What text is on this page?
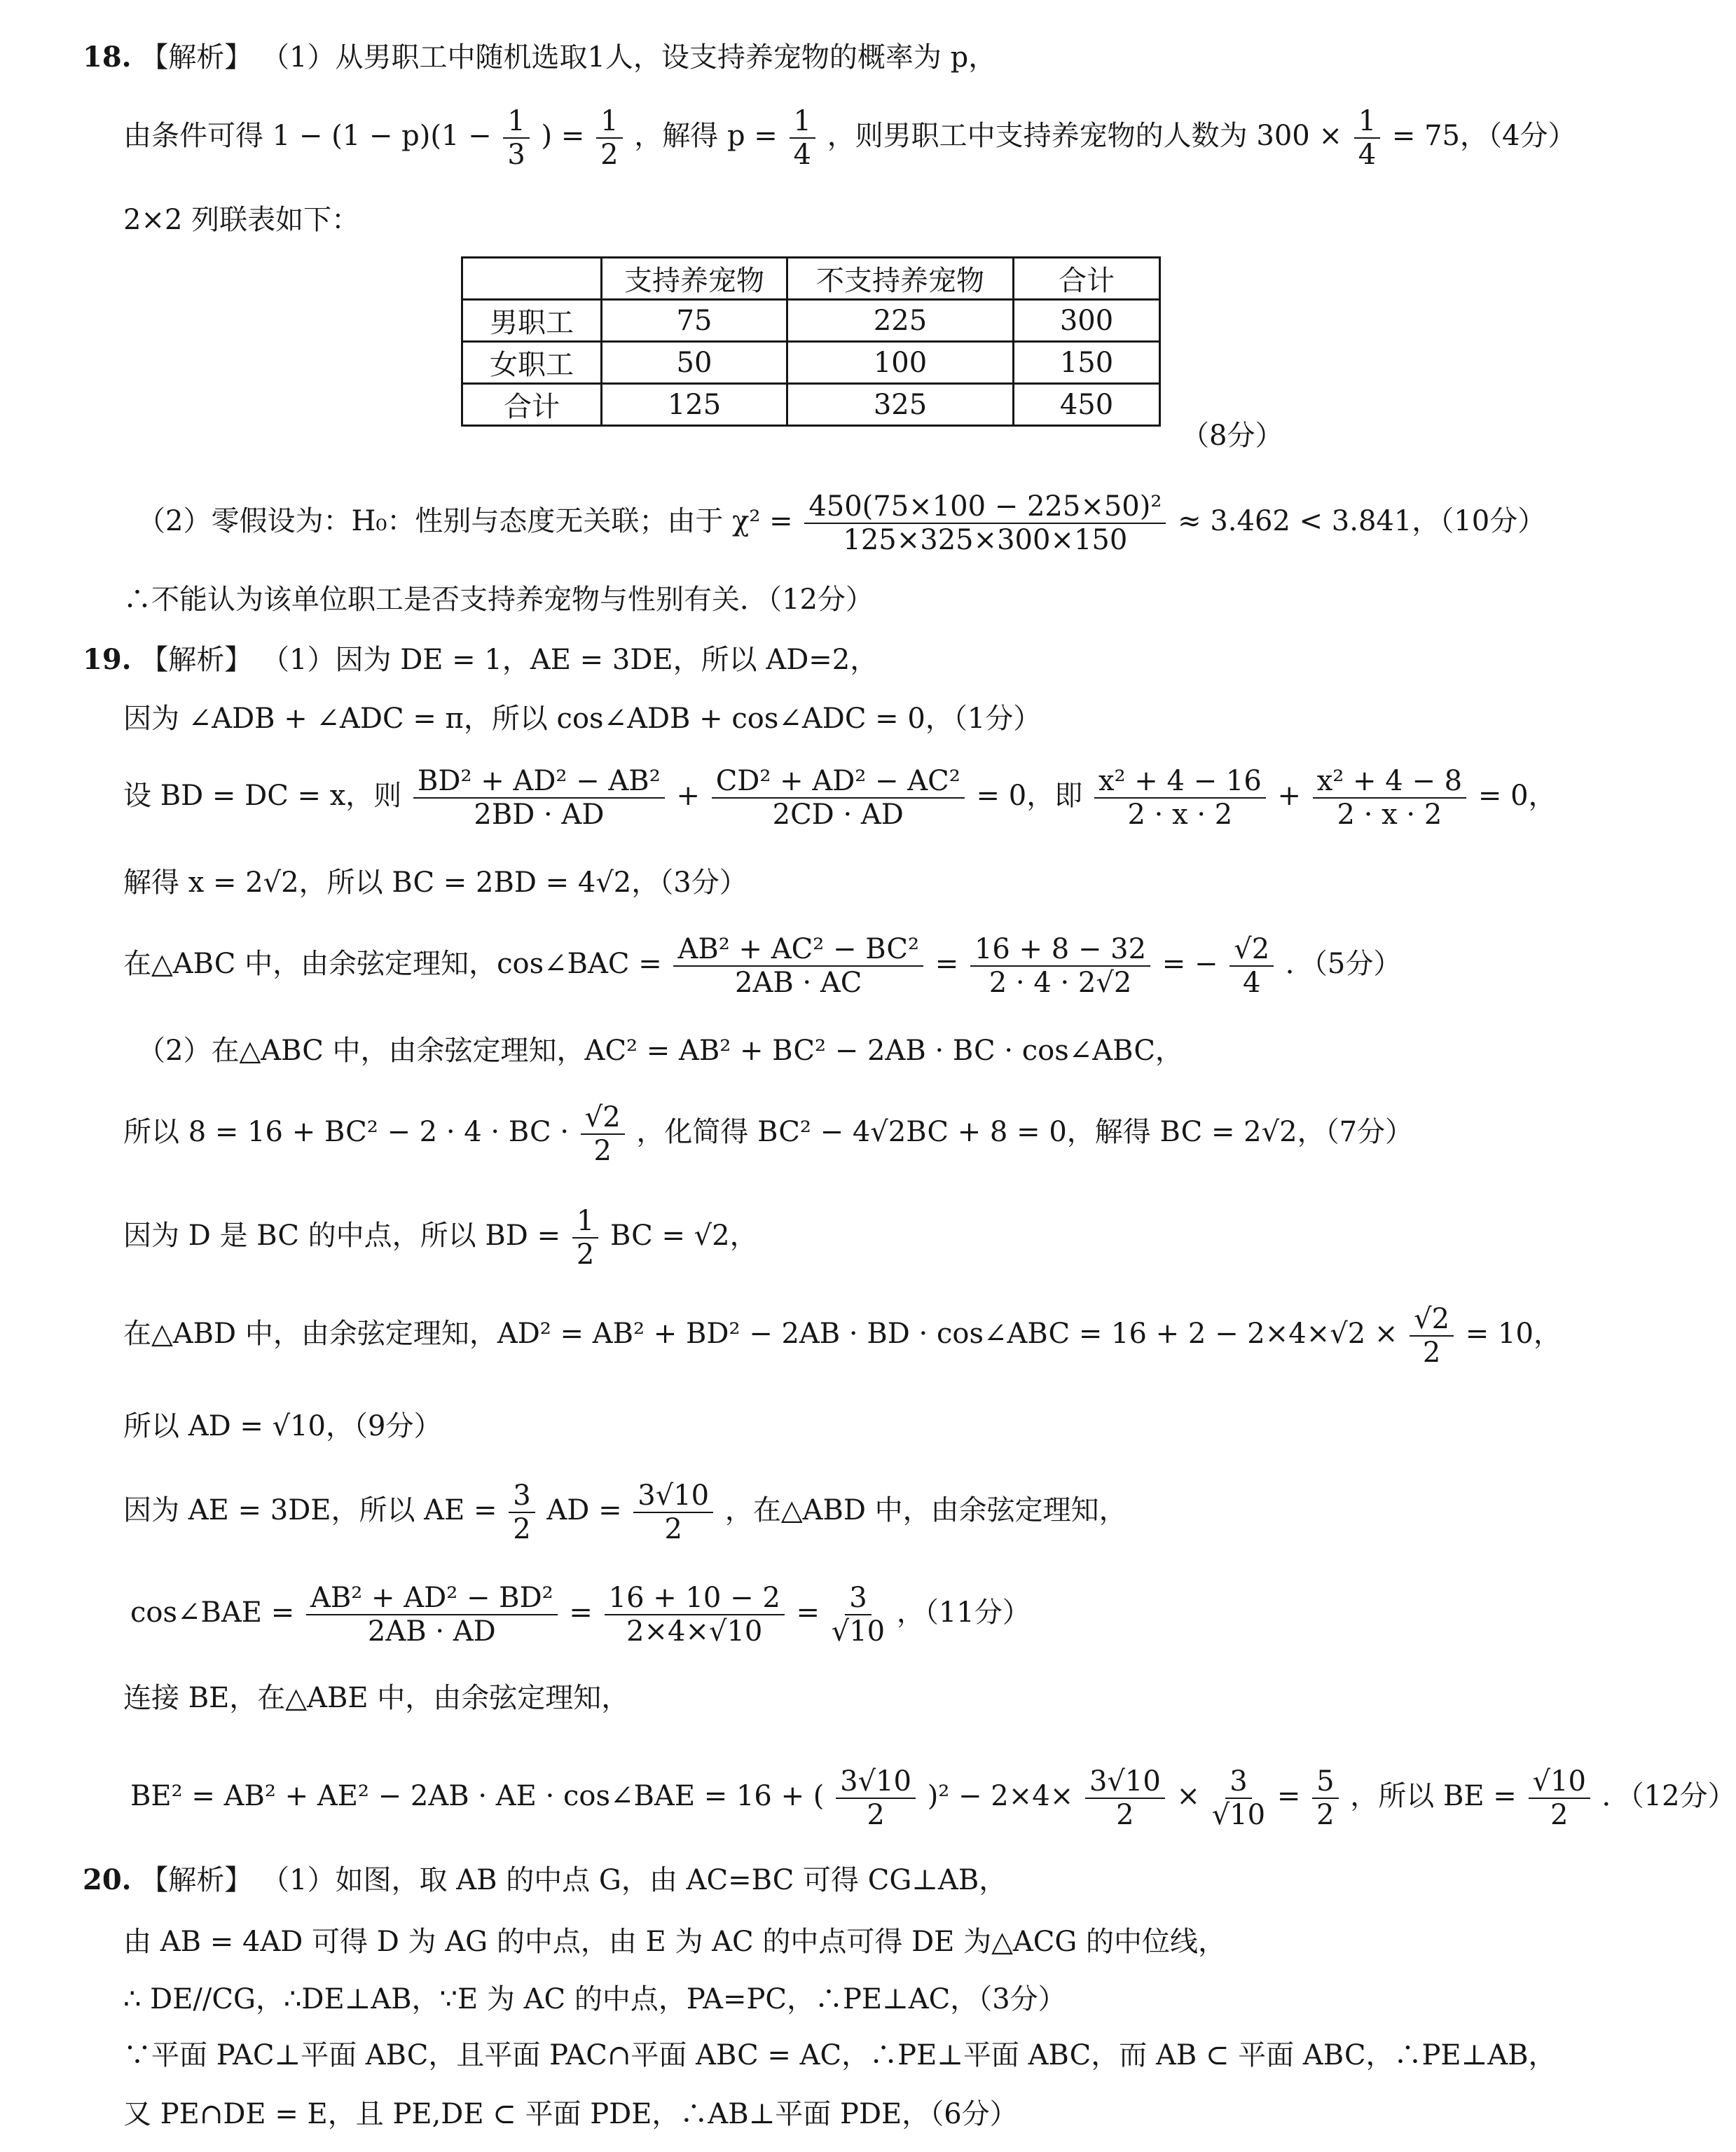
18. 【解析】 （1）从男职工中随机选取1人，设支持养宠物的概率为 p，
由条件可得 $1 - (1 - p)(1 - \frac{1}{3}$ ) = $\frac{1}{2}$ ，解得 $p = \frac{1}{4}$ ，则男职工中支持养宠物的人数为 $300 \times \frac{1}{4} = 75$，（4分）
2×2 列联表如下：
	支持养宠物	不支持养宠物	合计
男职工	75	225	300
女职工	50	100	150
合计	125	325	450
（8分）
（2）零假设为：H₀：性别与态度无关联；由于 $\chi^2 = \frac{\text{450(75×100 − 225×50)²}}{125\times 325\times 300\times 150} \approx 3.462 < 3.841$，（10分）
∴不能认为该单位职工是否支持养宠物与性别有关．（12分）
19. 【解析】 （1）因为 DE = 1，AE = 3DE，所以 AD=2，
因为 ∠ADB + ∠ADC = π，所以 cos∠ADB + cos∠ADC = 0，（1分）
设 BD = DC = x，则 $\frac{\text{BD² + AD² − AB²}}{2BD \cdot AD} + \frac{\text{CD² + AD² − AC²}}{2CD \cdot AD} = 0$，即 $\frac{\text{x² + 4 − 16}}{2 \cdot x \cdot 2} + \frac{\text{x² + 4 − 8}}{2 \cdot x \cdot 2} = 0$，
解得 x = 2√2，所以 BC = 2BD = 4√2，（3分）
在△ABC 中，由余弦定理知，cos∠BAC = $\frac{\text{AB² + AC² − BC²}}{2AB \cdot AC} = \frac{16 + 8 - 32}{2 \cdot 4 \cdot 2√2}$ = − $\frac{√2}{4}$ ．（5分）
（2）在△ABC 中，由余弦定理知，AC² = AB² + BC² − 2AB · BC · cos∠ABC，
所以 8 = 16 + BC² − 2 · 4 · BC · $\frac{√2}{2}$ ，化简得 BC² − 4√2BC + 8 = 0，解得 BC = 2√2，（7分）
因为 D 是 BC 的中点，所以 BD = $\frac{1}{2}$ BC = √2，
在△ABD 中，由余弦定理知，AD² = AB² + BD² − 2AB · BD · cos∠ABC = $16 + 2 - 2\times 4\times√2 \times \frac{√2}{2} = 10$，
所以 AD = √10，（9分）
因为 AE = 3DE，所以 AE = $\frac{3}{2}$ AD = $\frac{3√10}{2}$ ，在△ABD 中，由余弦定理知，
cos∠BAE = $\frac{\text{AB² + AD² − BD²}}{2AB \cdot AD} = \frac{16 + 10 - 2}{2\times 4\times√10} = \frac{3}{√10}$ ，（11分）
连接 BE，在△ABE 中，由余弦定理知，
BE² = AB² + AE² − 2AB · AE · cos∠BAE = 16 + ( $\frac{3√10}{2} )^2 - 2\times 4\times \frac{3√10}{2} \times \frac{3}{√10} = \frac{5}{2}$ ，所以 BE = $\frac{√10}{2}$ ．（12分）
20. 【解析】 （1）如图，取 AB 的中点 G，由 AC=BC 可得 CG⊥AB，
由 AB = 4AD 可得 D 为 AG 的中点，由 E 为 AC 的中点可得 DE 为△ACG 的中位线，
∴ DE//CG，∴DE⊥AB，∵E 为 AC 的中点，PA=PC，∴PE⊥AC，（3分）
∵平面 PAC⊥平面 ABC，且平面 PAC∩平面 ABC = AC，∴PE⊥平面 ABC，而 AB ⊂ 平面 ABC，∴PE⊥AB，
又 PE∩DE = E，且 PE,DE ⊂ 平面 PDE，∴AB⊥平面 PDE，（6分）
